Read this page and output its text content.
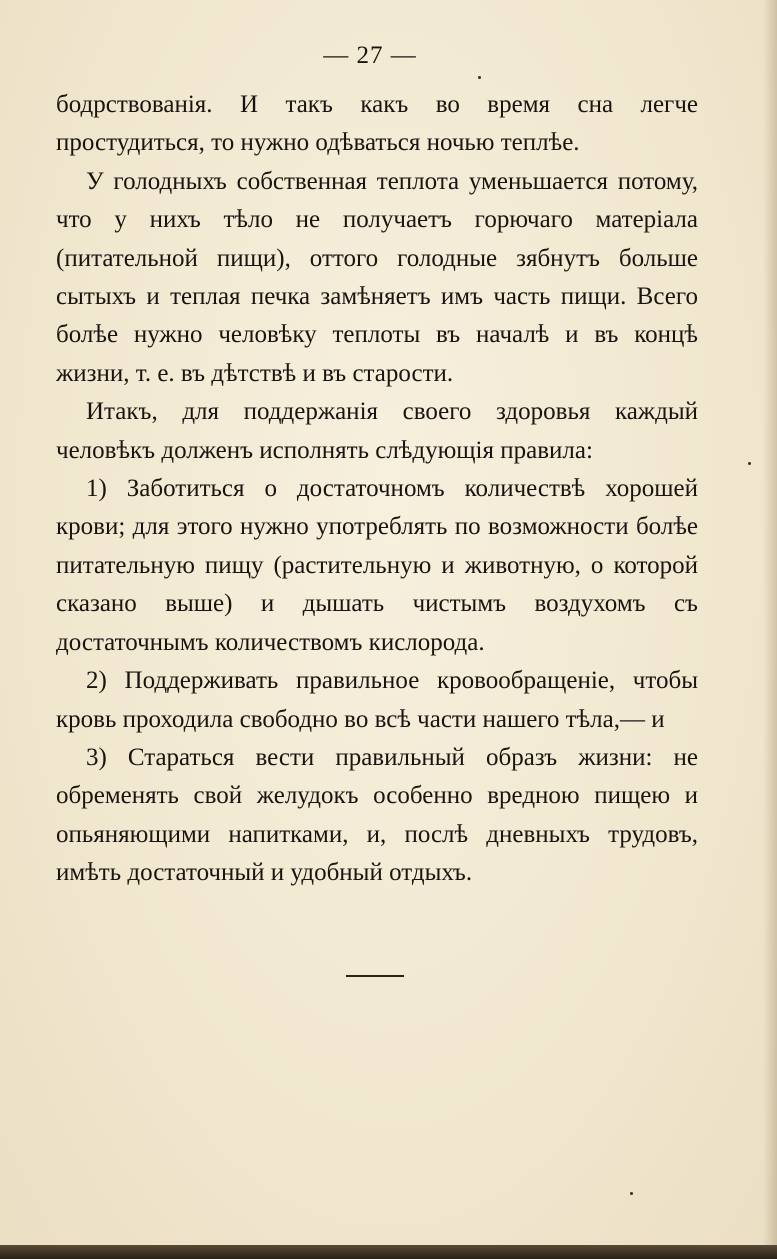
— 27 —

бодрствованія. И такъ какъ во время сна легче простудиться, то нужно одѣваться ночью теплѣе.

У голодныхъ собственная теплота уменьшается потому, что у нихъ тѣло не получаетъ горючаго матеріала (питательной пищи), оттого голодные зябнутъ больше сытыхъ и теплая печка замѣняетъ имъ часть пищи. Всего болѣе нужно человѣку теплоты въ началѣ и въ концѣ жизни, т. е. въ дѣтствѣ и въ старости.

Итакъ, для поддержанія своего здоровья каждый человѣкъ долженъ исполнять слѣдующія правила:

1) Заботиться о достаточномъ количествѣ хорошей крови; для этого нужно употреблять по возможности болѣе питательную пищу (растительную и животную, о которой сказано выше) и дышать чистымъ воздухомъ съ достаточнымъ количествомъ кислорода.

2) Поддерживать правильное кровообращеніе, чтобы кровь проходила свободно во всѣ части нашего тѣла,— и

3) Стараться вести правильный образъ жизни: не обременять свой желудокъ особенно вредною пищею и опьяняющими напитками, и, послѣ дневныхъ трудовъ, имѣть достаточный и удобный отдыхъ.
